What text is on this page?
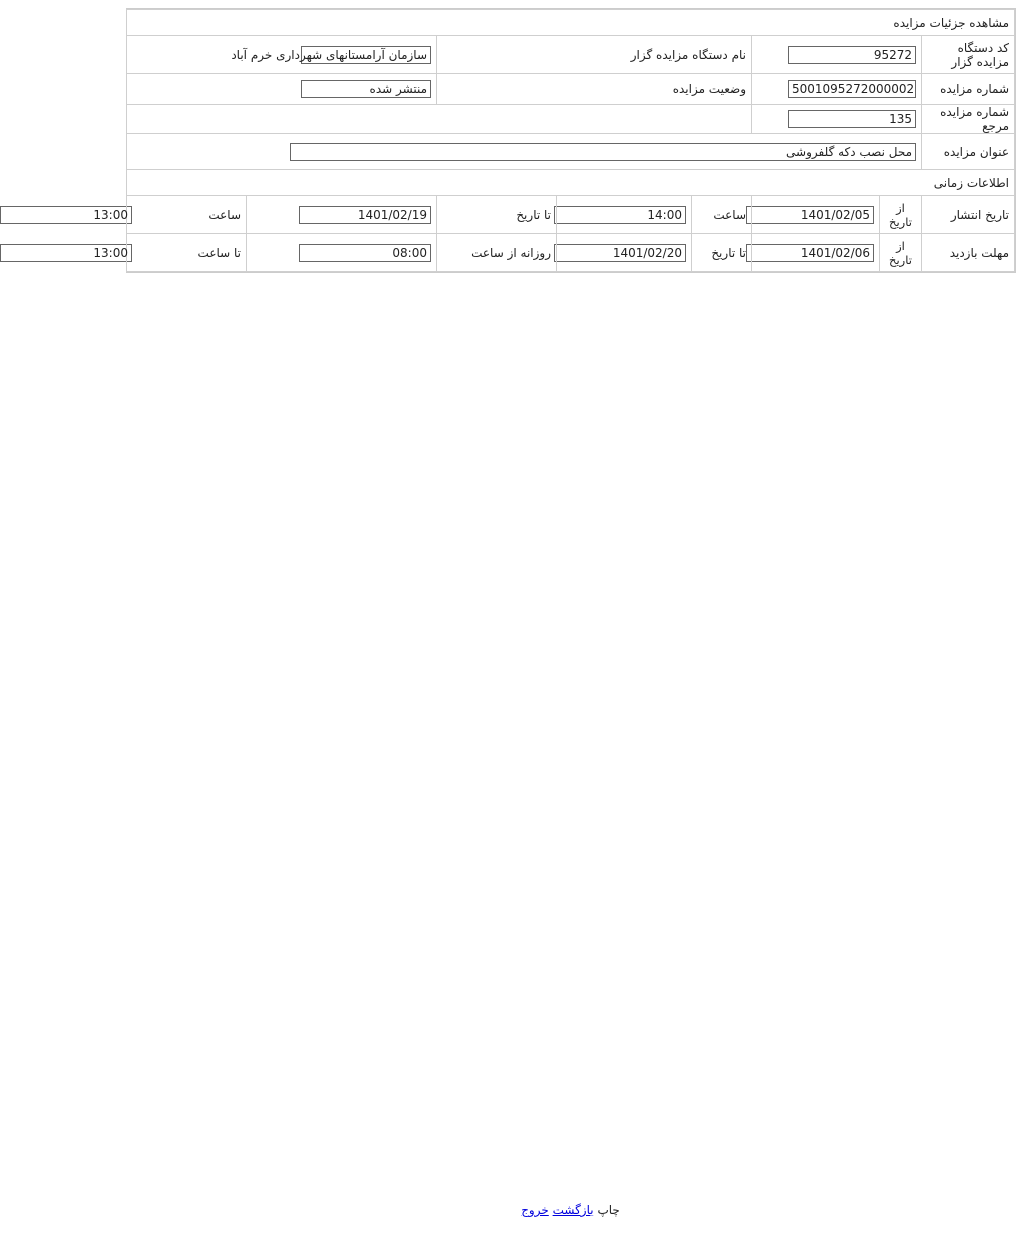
مشاهده جزئیات مزایده								
کد دستگاه مزایده گزار	95272		نام دستگاه مزایده گزار			سازمان آرامستانهای شهرداری خرم آباد		

شماره مزایده	5001095272000002		وضعیت مزایده			منتشر شده		

شماره مزایده مرجع	135							

عنوان مزایده	محل نصب دکه گلفروشی							

اطلاعات زمانی								
تاریخ انتشار	از تاریخ	1401/02/05	ساعت	14:00	تا تاریخ	1401/02/19	ساعت	13:00

مهلت بازدید	از تاریخ	1401/02/06	تا تاریخ	1401/02/20	روزانه از ساعت	08:00	تا ساعت	13:00
چاپ بازگشت خروج
